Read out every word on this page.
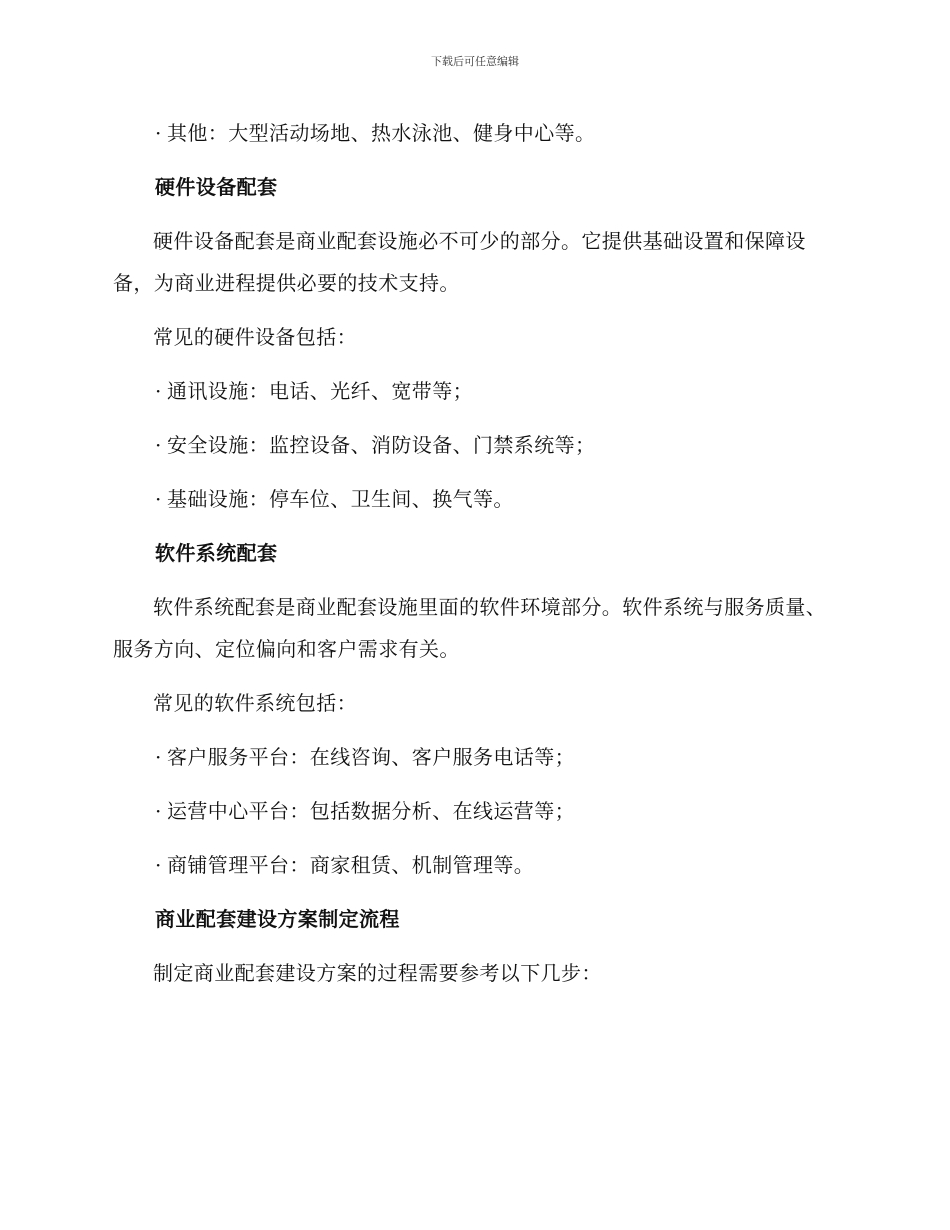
下载后可任意编辑
· 其他：大型活动场地、热水泳池、健身中心等。
硬件设备配套
硬件设备配套是商业配套设施必不可少的部分。它提供基础设置和保障设备，为商业进程提供必要的技术支持。
常见的硬件设备包括：
· 通讯设施：电话、光纤、宽带等；
· 安全设施：监控设备、消防设备、门禁系统等；
· 基础设施：停车位、卫生间、换气等。
软件系统配套
软件系统配套是商业配套设施里面的软件环境部分。软件系统与服务质量、服务方向、定位偏向和客户需求有关。
常见的软件系统包括：
· 客户服务平台：在线咨询、客户服务电话等；
· 运营中心平台：包括数据分析、在线运营等；
· 商铺管理平台：商家租赁、机制管理等。
商业配套建设方案制定流程
制定商业配套建设方案的过程需要参考以下几步：
